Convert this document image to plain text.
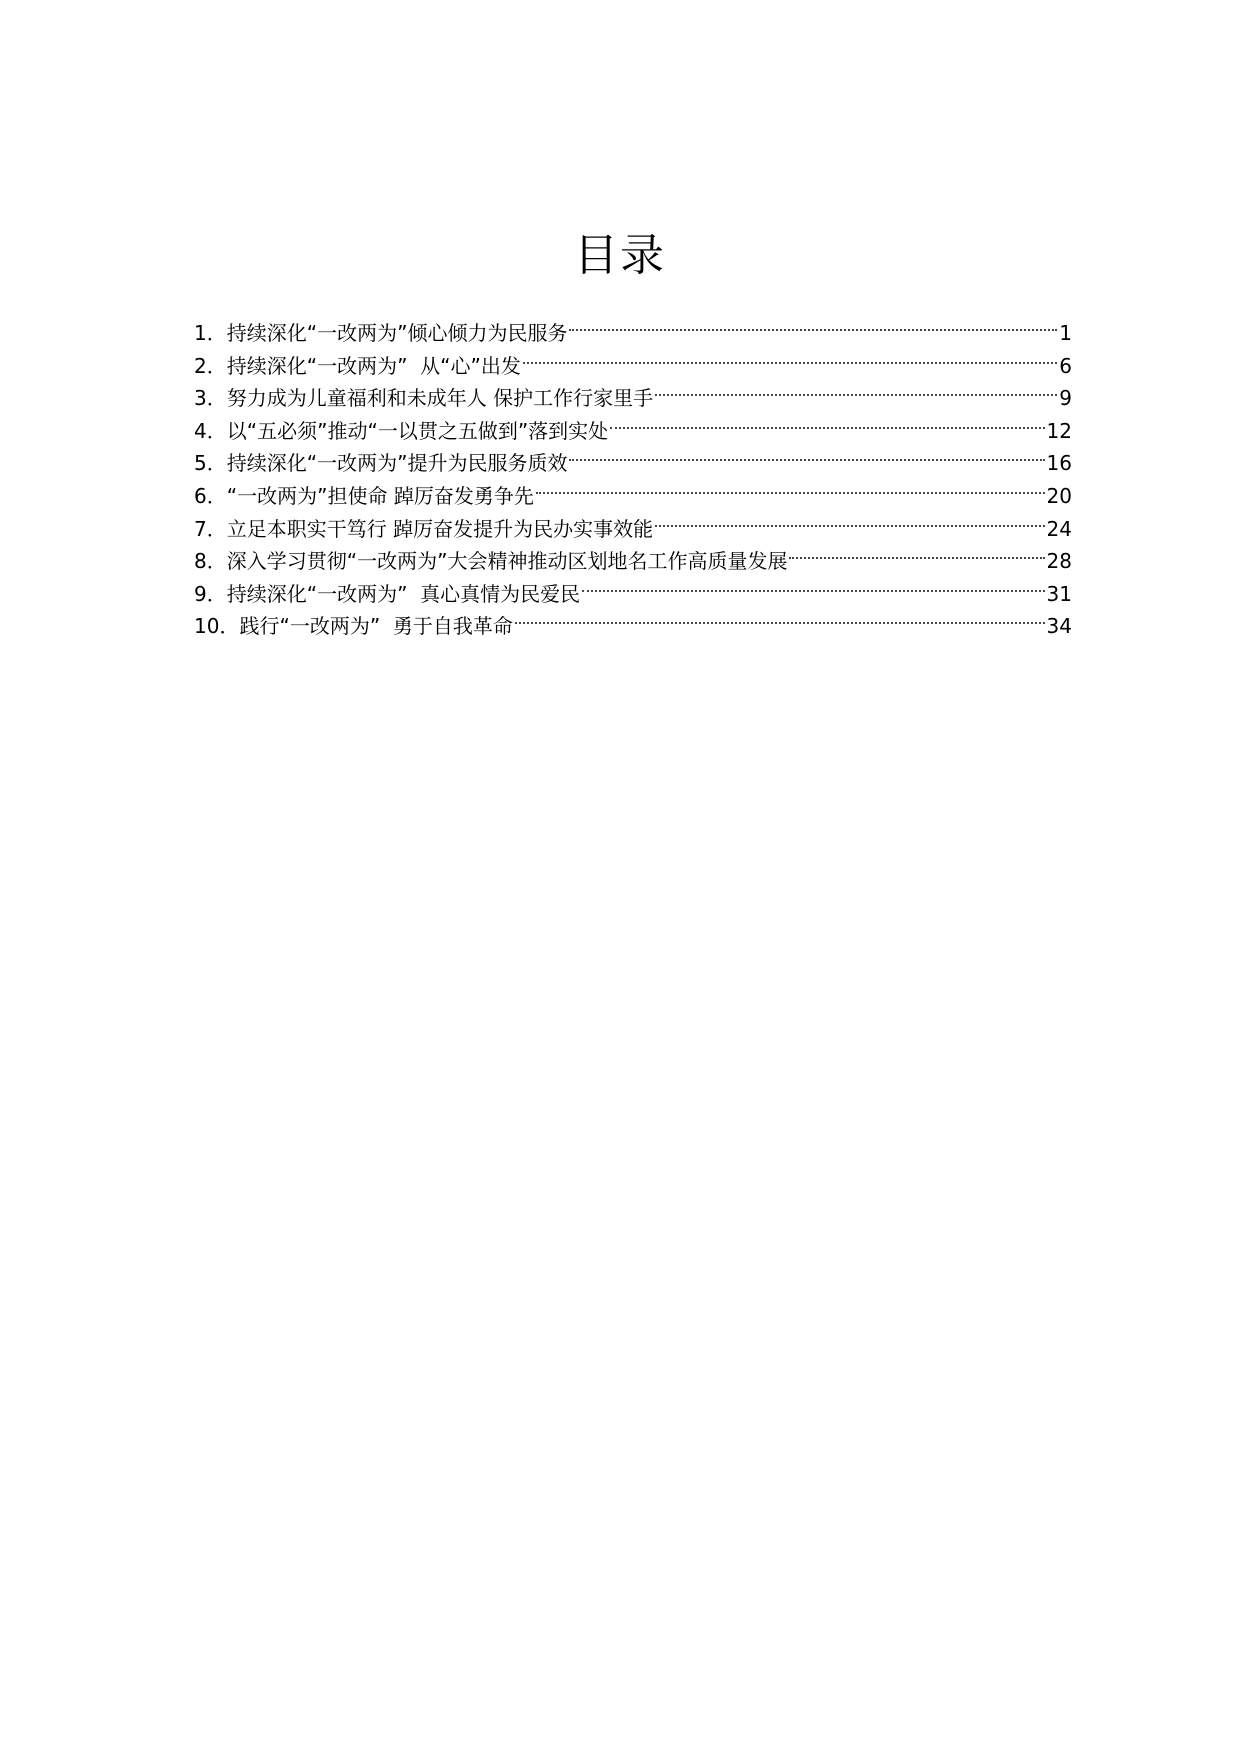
目录
1． 持续深化“一改两为”倾心倾力为民服务	1
2． 持续深化“一改两为”  从“心”出发	6
3． 努力成为儿童福利和未成年人 保护工作行家里手	9
4． 以“五必须”推动“一以贯之五做到”落到实处	12
5． 持续深化“一改两为”提升为民服务质效	16
6． “一改两为”担使命 踔厉奋发勇争先	20
7． 立足本职实干笃行 踔厉奋发提升为民办实事效能	24
8． 深入学习贯彻“一改两为”大会精神推动区划地名工作高质量发展	28
9． 持续深化“一改两为”  真心真情为民爱民	31
10． 践行“一改两为”  勇于自我革命	34
